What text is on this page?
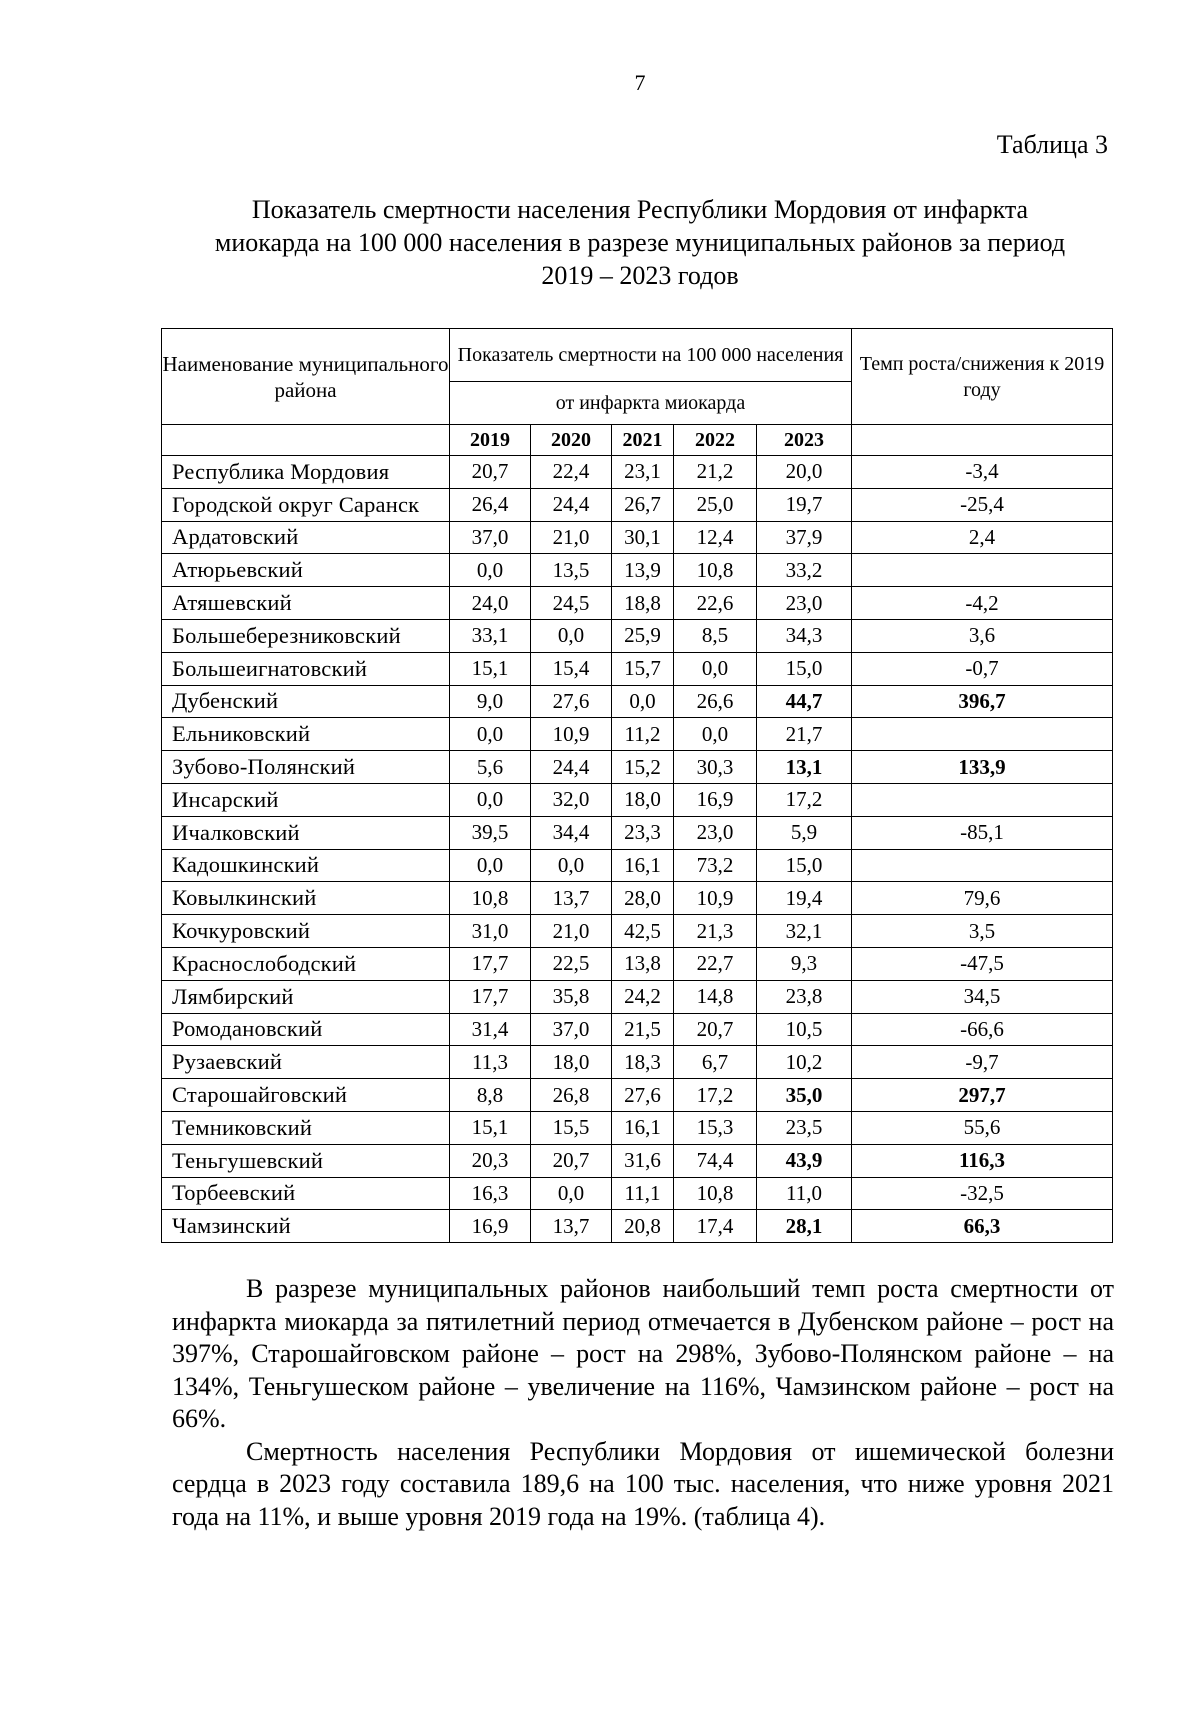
7
Таблица 3

Показатель смертности населения Республики Мордовия от инфаркта

миокарда на 100 000 населения в разрезе муниципальных районов за период

2019 – 2023 годов

Наименование муниципального района	Показатель смертности на 100 000 населения					Темп роста/снижения к 2019 году
	от инфаркта миокарда					
	2019	2020	2021	2022	2023	
Республика Мордовия	20,7	22,4	23,1	21,2	20,0	-3,4
Городской округ Саранск	26,4	24,4	26,7	25,0	19,7	-25,4
Ардатовский	37,0	21,0	30,1	12,4	37,9	2,4
Атюрьевский	0,0	13,5	13,9	10,8	33,2	
Атяшевский	24,0	24,5	18,8	22,6	23,0	-4,2
Большеберезниковский	33,1	0,0	25,9	8,5	34,3	3,6
Большеигнатовский	15,1	15,4	15,7	0,0	15,0	-0,7
Дубенский	9,0	27,6	0,0	26,6	44,7	396,7
Ельниковский	0,0	10,9	11,2	0,0	21,7	
Зубово-Полянский	5,6	24,4	15,2	30,3	13,1	133,9
Инсарский	0,0	32,0	18,0	16,9	17,2	
Ичалковский	39,5	34,4	23,3	23,0	5,9	-85,1
Кадошкинский	0,0	0,0	16,1	73,2	15,0	
Ковылкинский	10,8	13,7	28,0	10,9	19,4	79,6
Кочкуровский	31,0	21,0	42,5	21,3	32,1	3,5
Краснослободский	17,7	22,5	13,8	22,7	9,3	-47,5
Лямбирский	17,7	35,8	24,2	14,8	23,8	34,5
Ромодановский	31,4	37,0	21,5	20,7	10,5	-66,6
Рузаевский	11,3	18,0	18,3	6,7	10,2	-9,7
Старошайговский	8,8	26,8	27,6	17,2	35,0	297,7
Темниковский	15,1	15,5	16,1	15,3	23,5	55,6
Теньгушевский	20,3	20,7	31,6	74,4	43,9	116,3
Торбеевский	16,3	0,0	11,1	10,8	11,0	-32,5
Чамзинский	16,9	13,7	20,8	17,4	28,1	66,3

В разрезе муниципальных районов наибольший темп роста смертности от инфаркта миокарда за пятилетний период отмечается в Дубенском районе – рост на 397%, Старошайговском районе – рост на 298%, Зубово-Полянском районе – на 134%, Теньгушеском районе – увеличение на 116%, Чамзинском районе – рост на 66%.

Смертность населения Республики Мордовия от ишемической болезни сердца в 2023 году составила 189,6 на 100 тыс. населения, что ниже уровня 2021 года на 11%, и выше уровня 2019 года на 19%. (таблица 4).
